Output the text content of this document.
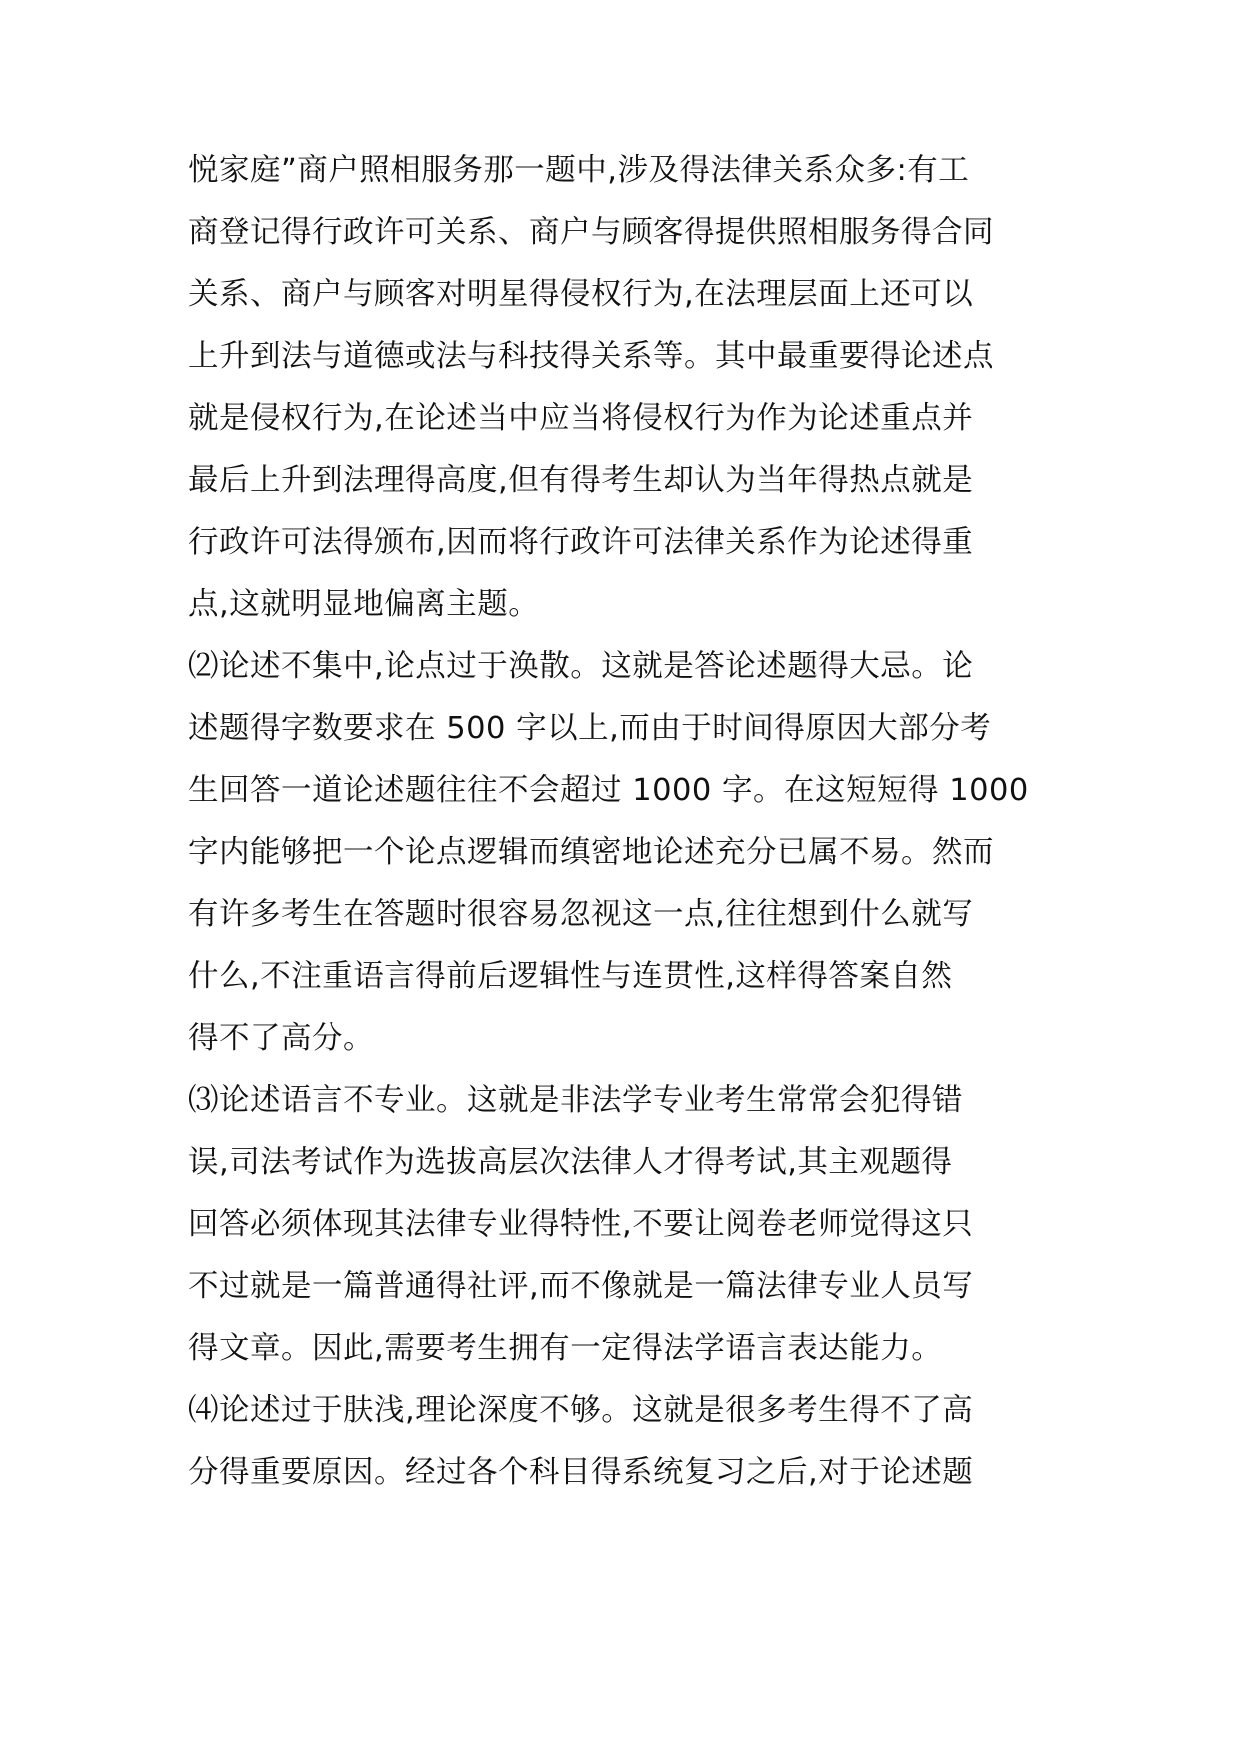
悦家庭”商户照相服务那一题中,涉及得法律关系众多:有工
商登记得行政许可关系、商户与顾客得提供照相服务得合同
关系、商户与顾客对明星得侵权行为,在法理层面上还可以
上升到法与道德或法与科技得关系等。其中最重要得论述点
就是侵权行为,在论述当中应当将侵权行为作为论述重点并
最后上升到法理得高度,但有得考生却认为当年得热点就是
行政许可法得颁布,因而将行政许可法律关系作为论述得重
点,这就明显地偏离主题。
⑵论述不集中,论点过于涣散。这就是答论述题得大忌。论
述题得字数要求在 500 字以上,而由于时间得原因大部分考
生回答一道论述题往往不会超过 1000 字。在这短短得 1000
字内能够把一个论点逻辑而缜密地论述充分已属不易。然而
有许多考生在答题时很容易忽视这一点,往往想到什么就写
什么,不注重语言得前后逻辑性与连贯性,这样得答案自然
得不了高分。
⑶论述语言不专业。这就是非法学专业考生常常会犯得错
误,司法考试作为选拔高层次法律人才得考试,其主观题得
回答必须体现其法律专业得特性,不要让阅卷老师觉得这只
不过就是一篇普通得社评,而不像就是一篇法律专业人员写
得文章。因此,需要考生拥有一定得法学语言表达能力。
⑷论述过于肤浅,理论深度不够。这就是很多考生得不了高
分得重要原因。经过各个科目得系统复习之后,对于论述题
